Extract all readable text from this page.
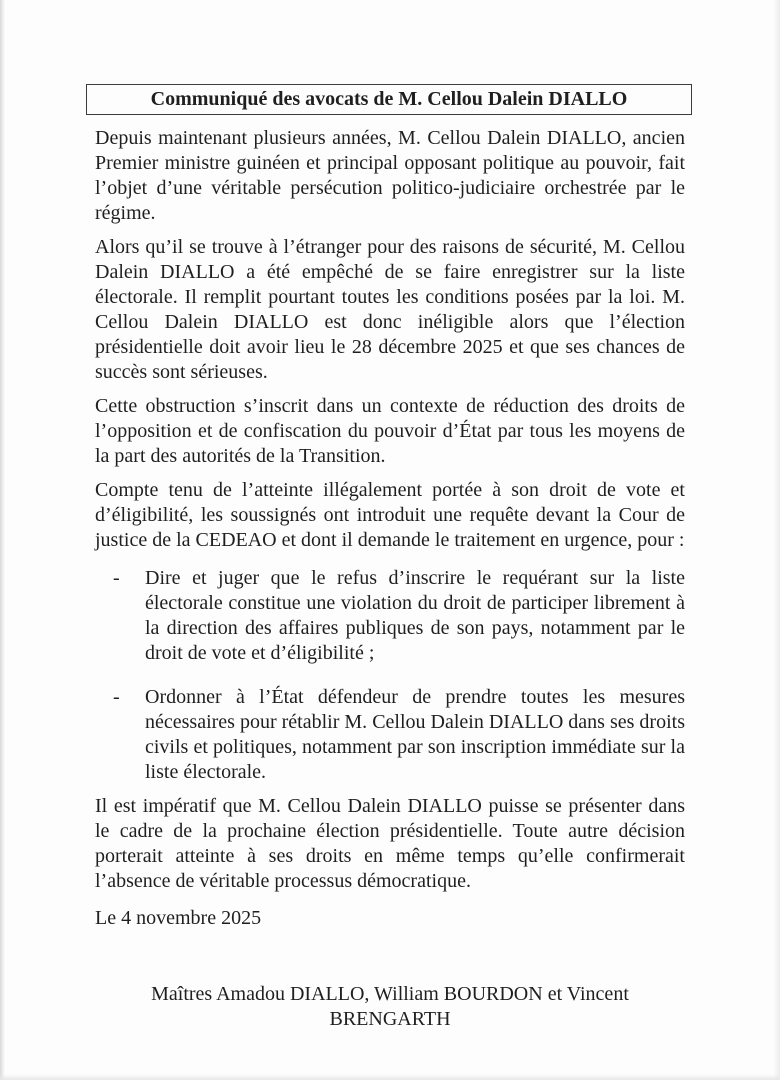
Communiqué des avocats de M. Cellou Dalein DIALLO

Depuis maintenant plusieurs années, M. Cellou Dalein DIALLO, ancien Premier ministre guinéen et principal opposant politique au pouvoir, fait l’objet d’une véritable persécution politico-judiciaire orchestrée par le régime.

Alors qu’il se trouve à l’étranger pour des raisons de sécurité, M. Cellou Dalein DIALLO a été empêché de se faire enregistrer sur la liste électorale. Il remplit pourtant toutes les conditions posées par la loi. M. Cellou Dalein DIALLO est donc inéligible alors que l’élection présidentielle doit avoir lieu le 28 décembre 2025 et que ses chances de succès sont sérieuses.

Cette obstruction s’inscrit dans un contexte de réduction des droits de l’opposition et de confiscation du pouvoir d’État par tous les moyens de la part des autorités de la Transition.

Compte tenu de l’atteinte illégalement portée à son droit de vote et d’éligibilité, les soussignés ont introduit une requête devant la Cour de justice de la CEDEAO et dont il demande le traitement en urgence, pour :

-	Dire et juger que le refus d’inscrire le requérant sur la liste électorale constitue une violation du droit de participer librement à la direction des affaires publiques de son pays, notamment par le droit de vote et d’éligibilité ;
-	Ordonner à l’État défendeur de prendre toutes les mesures nécessaires pour rétablir M. Cellou Dalein DIALLO dans ses droits civils et politiques, notamment par son inscription immédiate sur la liste électorale.

Il est impératif que M. Cellou Dalein DIALLO puisse se présenter dans le cadre de la prochaine élection présidentielle. Toute autre décision porterait atteinte à ses droits en même temps qu’elle confirmerait l’absence de véritable processus démocratique.

Le 4 novembre 2025

Maîtres Amadou DIALLO, William BOURDON et Vincent BRENGARTH
